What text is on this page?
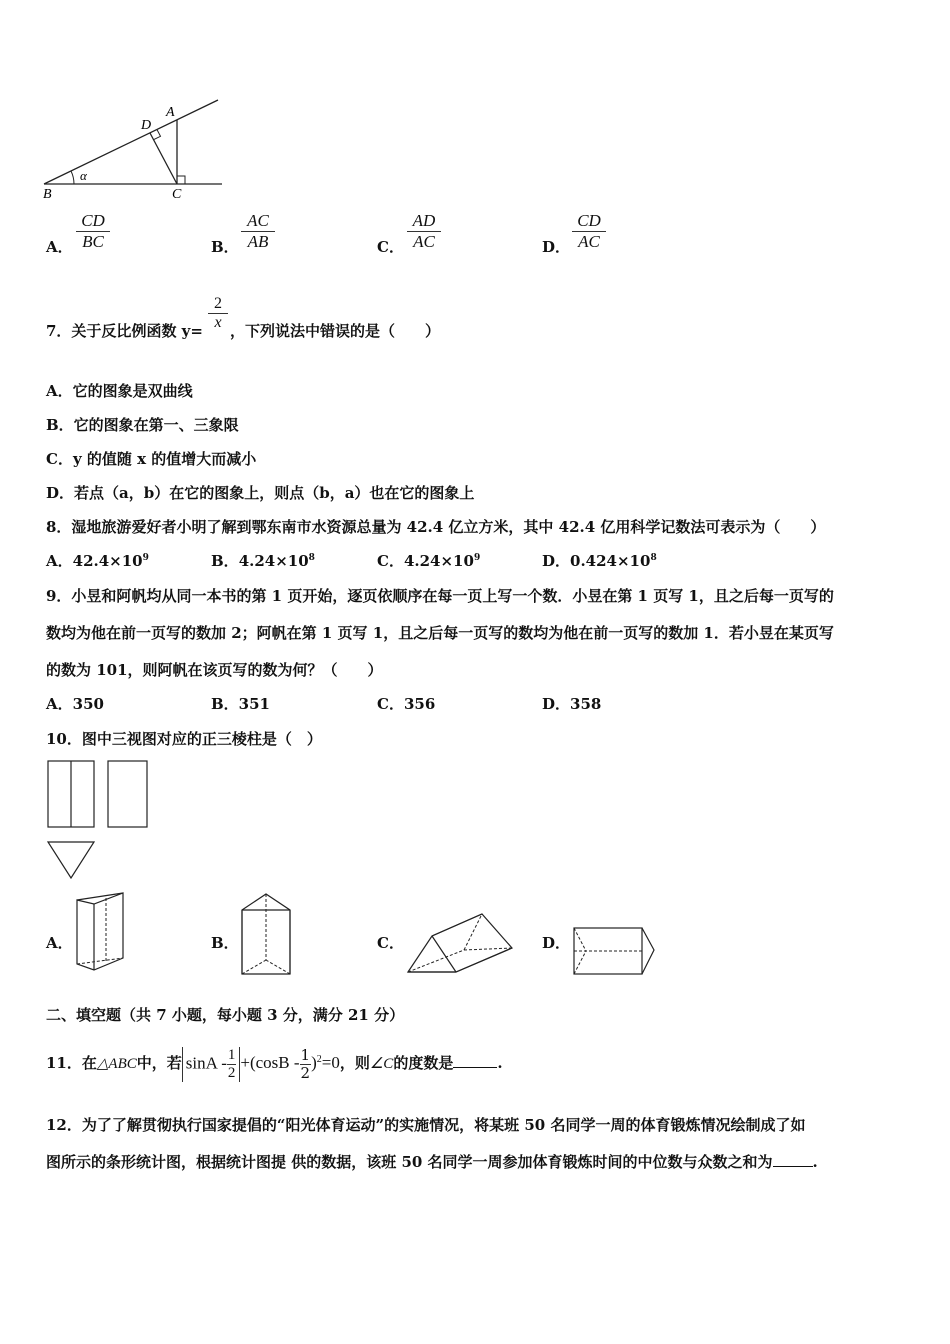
A
D
B	C
α
A． $\frac{CD}{BC}$	B． $\frac{AC}{AB}$	C． $\frac{AD}{AC}$	D． $\frac{CD}{AC}$
7．关于反比例函数 $y= \frac{2}{x}$ ，下列说法中错误的是（　　）
A．它的图象是双曲线
B．它的图象在第一、三象限
C．y 的值随 x 的值增大而减小
D．若点（a，b）在它的图象上，则点（b，a）也在它的图象上
8．湿地旅游爱好者小明了解到鄂东南市水资源总量为 42.4 亿立方米，其中 42.4 亿用科学记数法可表示为（　　）
A．$42.4\times 10^9$	B．$4.24\times 10^8$	C．$4.24\times 10^9$	D．$0.424\times 10^8$
9．小昱和阿帆均从同一本书的第 1 页开始，逐页依顺序在每一页上写一个数．小昱在第 1 页写 1，且之后每一页写的
数均为他在前一页写的数加 2；阿帆在第 1 页写 1，且之后每一页写的数均为他在前一页写的数加 1．若小昱在某页写
的数为 101，则阿帆在该页写的数为何？（　　）
A．350	B．351	C．356	D．358
10．图中三视图对应的正三棱柱是（　）
A．	B．	C．	D．
二、填空题（共 7 小题，每小题 3 分，满分 21 分）
11．在△ABC中，若 $\sin A - \frac{1}{2} +(\cos B - \frac{1}{2})^2=0$，则∠C的度数是	.
12．为了了解贯彻执行国家提倡的“阳光体育运动”的实施情况，将某班 50 名同学一周的体育锻炼情况绘制成了如
图所示的条形统计图，根据统计图提 供的数据，该班 50 名同学一周参加体育锻炼时间的中位数与众数之和为	.
